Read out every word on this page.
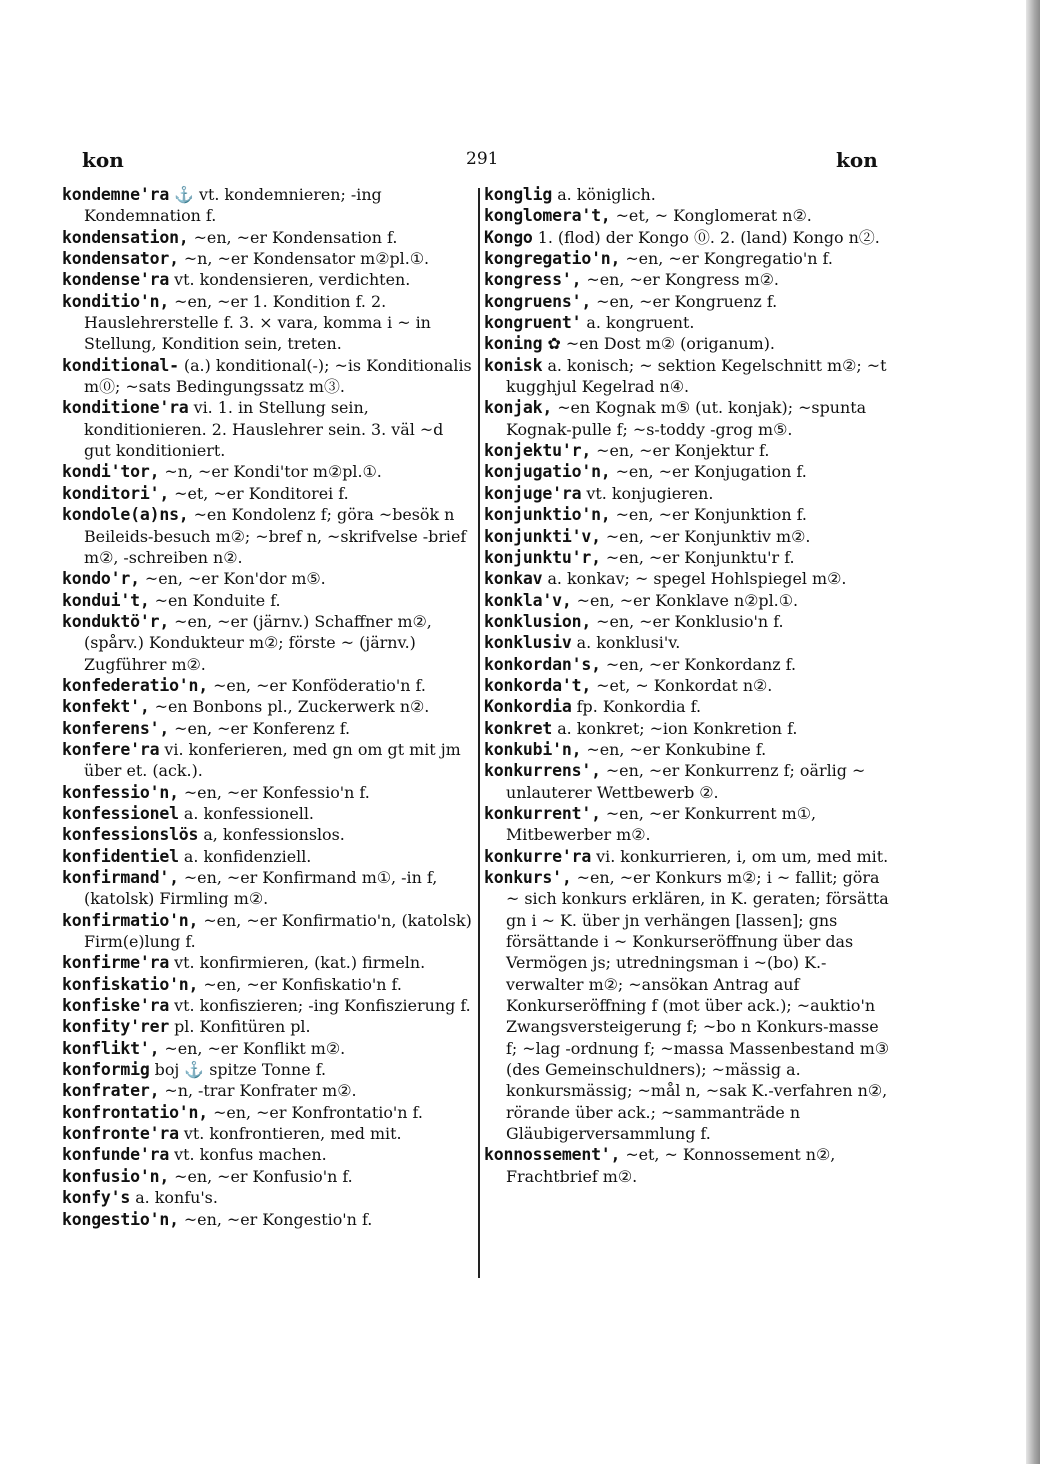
kon	291	kon
kondemne'ra ⚓ vt. kondemnieren; -ing Kondemnation f.
kondensation, ~en, ~er Kondensation f.
kondensator, ~n, ~er Kondensator m②pl.①.
kondense'ra vt. kondensieren, verdichten.
konditio'n, ~en, ~er 1. Kondition f. 2. Hauslehrerstelle f. 3. × vara, komma i ~ in Stellung, Kondition sein, treten.
konditional- (a.) konditional(-); ~is Konditionalis m⓪; ~sats Bedingungssatz m③.
konditione'ra vi. 1. in Stellung sein, konditionieren. 2. Hauslehrer sein. 3. väl ~d gut konditioniert.
kondi'tor, ~n, ~er Kondi'tor m②pl.①.
konditori', ~et, ~er Konditorei f.
kondole(a)ns, ~en Kondolenz f; göra ~besök n Beileids-besuch m②; ~bref n, ~skrifvelse -brief m②, -schreiben n②.
kondo'r, ~en, ~er Kon'dor m⑤.
kondui't, ~en Konduite f.
konduktö'r, ~en, ~er (järnv.) Schaffner m②, (spårv.) Kondukteur m②; förste ~ (järnv.) Zugführer m②.
konfederatio'n, ~en, ~er Konföderatio'n f.
konfekt', ~en Bonbons pl., Zuckerwerk n②.
konferens', ~en, ~er Konferenz f.
konfere'ra vi. konferieren, med gn om gt mit jm über et. (ack.).
konfessio'n, ~en, ~er Konfessio'n f.
konfessionel a. konfessionell.
konfessionslös a, konfessionslos.
konfidentiel a. konfidenziell.
konfirmand', ~en, ~er Konfirmand m①, -in f, (katolsk) Firmling m②.
konfirmatio'n, ~en, ~er Konfirmatio'n, (katolsk) Firm(e)lung f.
konfirme'ra vt. konfirmieren, (kat.) firmeln.
konfiskatio'n, ~en, ~er Konfiskatio'n f.
konfiske'ra vt. konfiszieren; -ing Konfiszierung f.
konfity'rer pl. Konfitüren pl.
konflikt', ~en, ~er Konflikt m②.
konformig boj ⚓ spitze Tonne f.
konfrater, ~n, -trar Konfrater m②.
konfrontatio'n, ~en, ~er Konfrontatio'n f.
konfronte'ra vt. konfrontieren, med mit.
konfunde'ra vt. konfus machen.
konfusio'n, ~en, ~er Konfusio'n f.
konfy's a. konfu's.
kongestio'n, ~en, ~er Kongestio'n f.
konglig a. königlich.
konglomera't, ~et, ~ Konglomerat n②.
Kongo 1. (flod) der Kongo ⓪. 2. (land) Kongo n②.
kongregatio'n, ~en, ~er Kongregatio'n f.
kongress', ~en, ~er Kongress m②.
kongruens', ~en, ~er Kongruenz f.
kongruent' a. kongruent.
koning ✿ ~en Dost m② (origanum).
konisk a. konisch; ~ sektion Kegelschnitt m②; ~t kugghjul Kegelrad n④.
konjak, ~en Kognak m⑤ (ut. konjak); ~spunta Kognak-pulle f; ~s-toddy -grog m⑤.
konjektu'r, ~en, ~er Konjektur f.
konjugatio'n, ~en, ~er Konjugation f.
konjuge'ra vt. konjugieren.
konjunktio'n, ~en, ~er Konjunktion f.
konjunkti'v, ~en, ~er Konjunktiv m②.
konjunktu'r, ~en, ~er Konjunktu'r f.
konkav a. konkav; ~ spegel Hohlspiegel m②.
konkla'v, ~en, ~er Konklave n②pl.①.
konklusion, ~en, ~er Konklusio'n f.
konklusiv a. konklusi'v.
konkordan's, ~en, ~er Konkordanz f.
konkorda't, ~et, ~ Konkordat n②.
Konkordia fp. Konkordia f.
konkret a. konkret; ~ion Konkretion f.
konkubi'n, ~en, ~er Konkubine f.
konkurrens', ~en, ~er Konkurrenz f; oärlig ~ unlauterer Wettbewerb ②.
konkurrent', ~en, ~er Konkurrent m①, Mitbewerber m②.
konkurre'ra vi. konkurrieren, i, om um, med mit.
konkurs', ~en, ~er Konkurs m②; i ~ fallit; göra ~ sich konkurs erklären, in K. geraten; försätta gn i ~ K. über jn verhängen [lassen]; gns försättande i ~ Konkurseröffnung über das Vermögen js; utredningsman i ~(bo) K.-verwalter m②; ~ansökan Antrag auf Konkurseröffning f (mot über ack.); ~auktio'n Zwangsversteigerung f; ~bo n Konkurs-masse f; ~lag -ordnung f; ~massa Massenbestand m③ (des Gemeinschuldners); ~mässig a. konkursmässig; ~mål n, ~sak K.-verfahren n②, rörande über ack.; ~sammanträde n Gläubigerversammlung f.
konnossement', ~et, ~ Konnossement n②, Frachtbrief m②.
